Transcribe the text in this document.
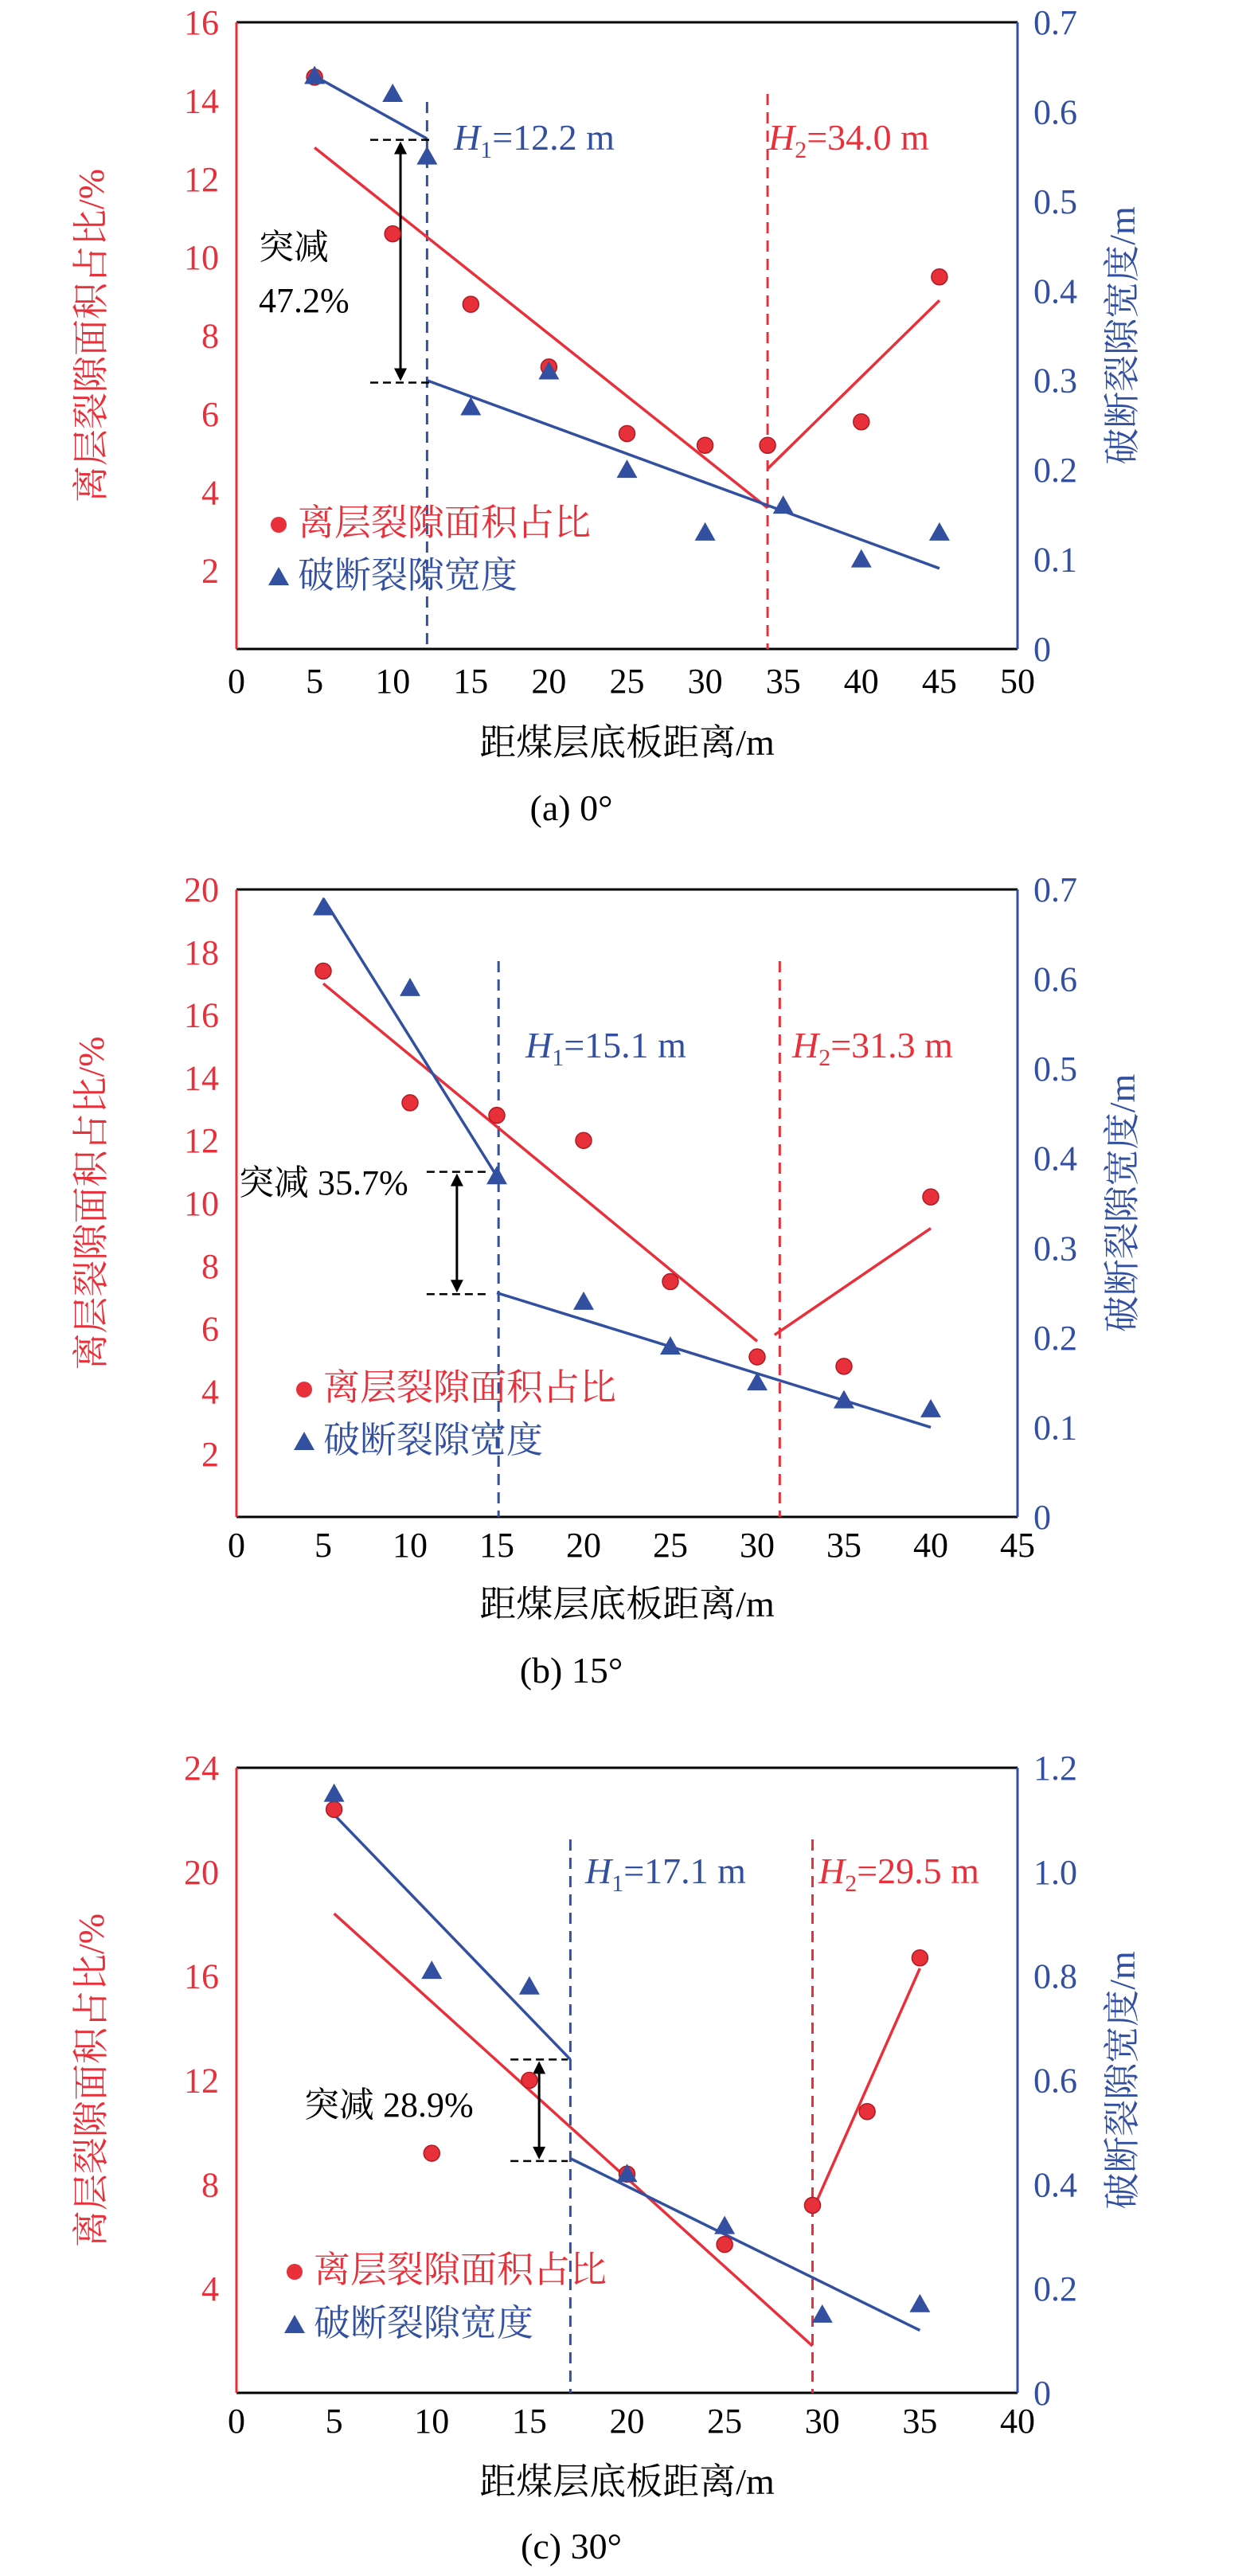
0 5 10 15 20 25 30 35 40 45 50
2
4
6
8
10
12
14
16
0
0.1
0.2
0.3
0.4
0.5
0.6
0.7
距煤层底板距离/m
离层裂隙面积占比/%	破断裂隙宽度/m
(a) 0°
$H_1=12.2$ m	$H_2=34.0$ m
突减
47.2%
离层裂隙面积占比
破断裂隙宽度
0 5 10 15 20 25 30 35 40 45
2
4
6
8
10
12
14
16
18
20
0
0.1
0.2
0.3
0.4
0.5
0.6
0.7
距煤层底板距离/m
离层裂隙面积占比/%	破断裂隙宽度/m
(b) 15°
$H_1=15.1$ m	$H_2=31.3$ m
突减 35.7%
离层裂隙面积占比
破断裂隙宽度
0 5 10 15 20 25 30 35 40
4
8
12
16
20
24
0
0.2
0.4
0.6
0.8
1.0
1.2
距煤层底板距离/m
离层裂隙面积占比/%	破断裂隙宽度/m
(c) 30°
$H_1=17.1$ m $H_2=29.5$ m
突减 28.9%
离层裂隙面积占比
破断裂隙宽度
